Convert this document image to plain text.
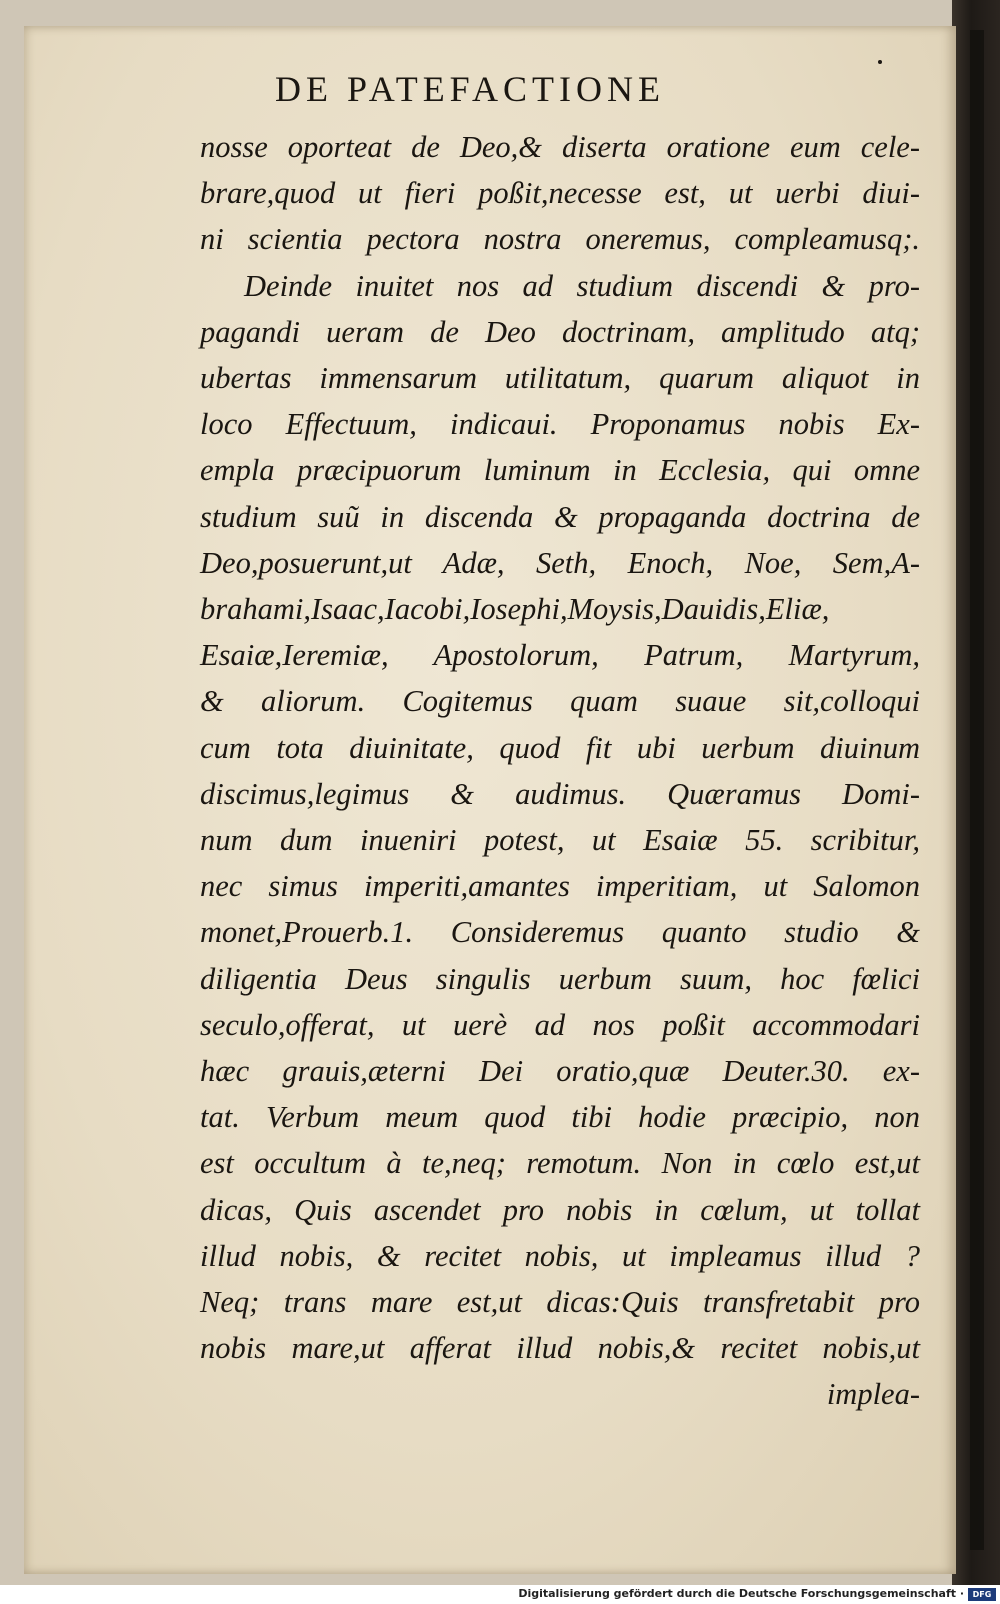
DE PATEFACTIONE
nosse oporteat de Deo,& diserta oratione eum cele-
brare,quod ut fieri poßit,necesse est, ut uerbi diui-
ni scientia pectora nostra oneremus, compleamusq;.
Deinde inuitet nos ad studium discendi & pro-
pagandi ueram de Deo doctrinam, amplitudo atq;
ubertas immensarum utilitatum, quarum aliquot in
loco Effectuum, indicaui. Proponamus nobis Ex-
empla præcipuorum luminum in Ecclesia, qui omne
studium suũ in discenda & propaganda doctrina de
Deo,posuerunt,ut Adæ, Seth, Enoch, Noe, Sem,A-
brahami,Isaac,Iacobi,Iosephi,Moysis,Dauidis,Eliæ,
Esaiæ,Ieremiæ, Apostolorum, Patrum, Martyrum,
& aliorum. Cogitemus quam suaue sit,colloqui
cum tota diuinitate, quod fit ubi uerbum diuinum
discimus,legimus & audimus. Quæramus Domi-
num dum inueniri potest, ut Esaiæ 55. scribitur,
nec simus imperiti,amantes imperitiam, ut Salomon
monet,Prouerb.1. Consideremus quanto studio &
diligentia Deus singulis uerbum suum, hoc fœlici
seculo,offerat, ut uerè ad nos poßit accommodari
hæc grauis,æterni Dei oratio,quæ Deuter.30. ex-
tat. Verbum meum quod tibi hodie præcipio, non
est occultum à te,neq; remotum. Non in cœlo est,ut
dicas, Quis ascendet pro nobis in cœlum, ut tollat
illud nobis, & recitet nobis, ut impleamus illud ?
Neq; trans mare est,ut dicas:Quis transfretabit pro
nobis mare,ut afferat illud nobis,& recitet nobis,ut
implea-
Digitalisierung gefördert durch die Deutsche Forschungsgemeinschaft ·	DFG
